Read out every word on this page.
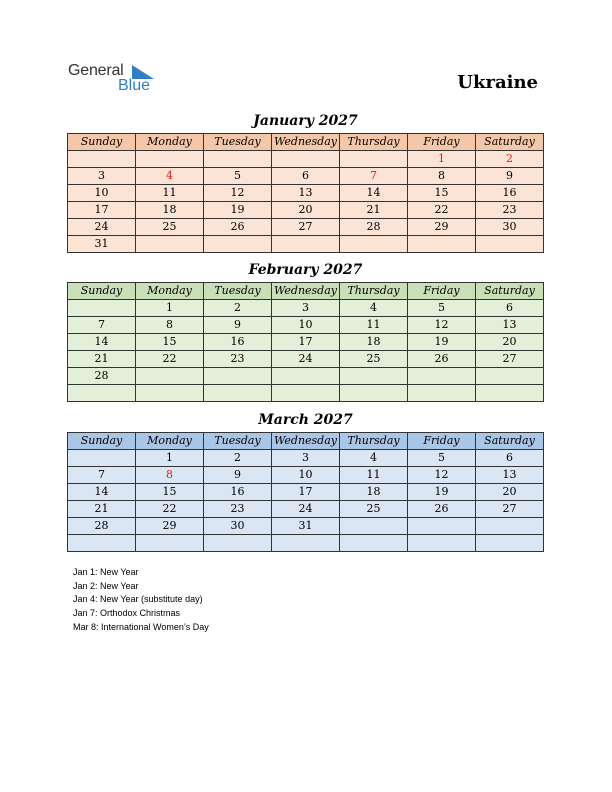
General
Blue	Ukraine
January 2027
Sunday	Monday	Tuesday	Wednesday	Thursday	Friday	Saturday
					1	2
3	4	5	6	7	8	9
10	11	12	13	14	15	16
17	18	19	20	21	22	23
24	25	26	27	28	29	30
31						
February 2027
Sunday	Monday	Tuesday	Wednesday	Thursday	Friday	Saturday
	1	2	3	4	5	6
7	8	9	10	11	12	13
14	15	16	17	18	19	20
21	22	23	24	25	26	27
28						

March 2027
Sunday	Monday	Tuesday	Wednesday	Thursday	Friday	Saturday
	1	2	3	4	5	6
7	8	9	10	11	12	13
14	15	16	17	18	19	20
21	22	23	24	25	26	27
28	29	30	31			

Jan 1: New Year
Jan 2: New Year
Jan 4: New Year (substitute day)
Jan 7: Orthodox Christmas
Mar 8: International Women’s Day
